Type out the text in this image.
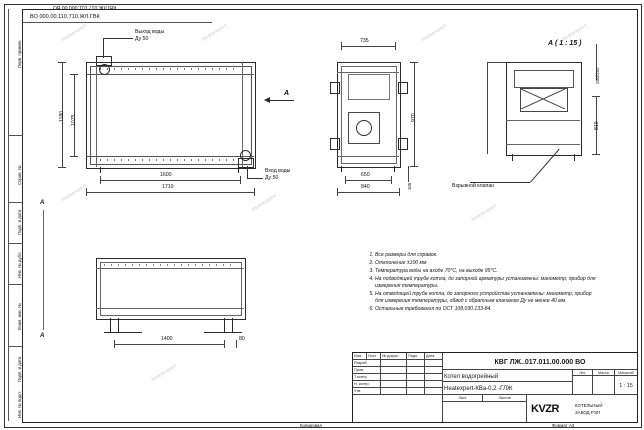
Перв. примен.
Справ. №
Подп. и дата
Инв. № дубл.
Взам. инв. №
Подп. и дата
Инв. № подл.
ВО 000.00.110.710.ЖЛ.ГВК
КВГЛЖ.017.011.000 00 ВО
Выход воды
Ду 50
Вход воды
Ду 50
1600
1710
1180 1075
А
735
650
840
970
105
А ( 1 : 15 )
250/252
810
Взрывной клапан
1400	80
А
А
1. Все размеры для справок.
2. Отклонение ±100 мм
3. Температура воды на входе 70°С, на выходе 95°С.
4. На подводящей трубе котла, до запорной арматуры установлены: манометр, прибор для измерения температуры.
5. На отводящей трубе котла, до запорного устройства установлены: манометр, прибор для измерения температуры, обвод с обратным клапаном Ду не менее 40 мм.
6. Остальные требования по ОСТ 108.030.133-84.
Изм.	Лист	№ докум.	Подп.	Дата
Разраб.
Пров.
Т.контр.
Н. контр.
Утв.
КВГ ЛЖ..017.011.00.000 ВО
Котел водогрейный
Heatexpert-КВа-0,2 -ГЛЖ
Лит.	Масса	Масштаб
1 : 15
Лист	Листов
KVZR	КОТЕЛЬНЫЙ
ЗАВОД РЭП
Копировал	Формат А3
Heatexpert	Heatexpert	Heatexpert	Heatexpert
Heatexpert	Heatexpert	Heatexpert
Heatexpert
